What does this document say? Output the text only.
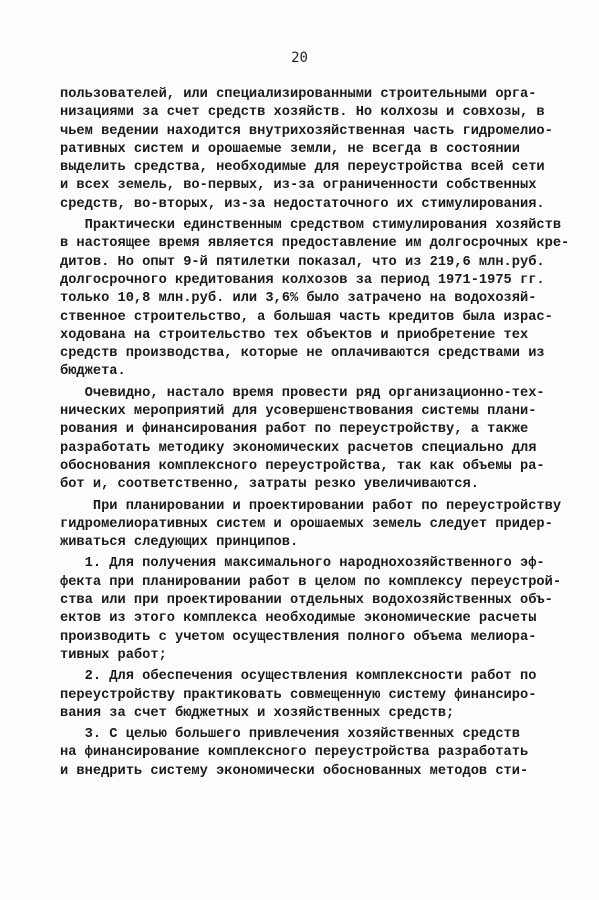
20
пользователей, или специализированными строительными орга-
низациями за счет средств хозяйств. Но колхозы и совхозы, в
чьем ведении находится внутрихозяйственная часть гидромелио-
ративных систем и орошаемые земли, не всегда в состоянии
выделить средства, необходимые для переустройства всей сети
и всех земель, во-первых, из-за ограниченности собственных
средств, во-вторых, из-за недостаточного их стимулирования.
Практически единственным средством стимулирования хозяйств
в настоящее время является предоставление им долгосрочных кре-
дитов. Но опыт 9-й пятилетки показал, что из 219,6 млн.руб.
долгосрочного кредитования колхозов за период 1971-1975 гг.
только 10,8 млн.руб. или 3,6% было затрачено на водохозяй-
ственное строительство, а большая часть кредитов была израс-
ходована на строительство тех объектов и приобретение тех
средств производства, которые не оплачиваются средствами из
бюджета.
Очевидно, настало время провести ряд организационно-тех-
нических мероприятий для усовершенствования системы плани-
рования и финансирования работ по переустройству, а также
разработать методику экономических расчетов специально для
обоснования комплексного переустройства, так как объемы ра-
бот и, соответственно, затраты резко увеличиваются.
При планировании и проектировании работ по переустройству
гидромелиоративных систем и орошаемых земель следует придер-
живаться следующих принципов.
1. Для получения максимального народнохозяйственного эф-
фекта при планировании работ в целом по комплексу переустрой-
ства или при проектировании отдельных водохозяйственных объ-
ектов из этого комплекса необходимые экономические расчеты
производить с учетом осуществления полного объема мелиора-
тивных работ;
2. Для обеспечения осуществления комплексности работ по
переустройству практиковать совмещенную систему финансиро-
вания за счет бюджетных и хозяйственных средств;
3. С целью большего привлечения хозяйственных средств
на финансирование комплексного переустройства разработать
и внедрить систему экономически обоснованных методов сти-
